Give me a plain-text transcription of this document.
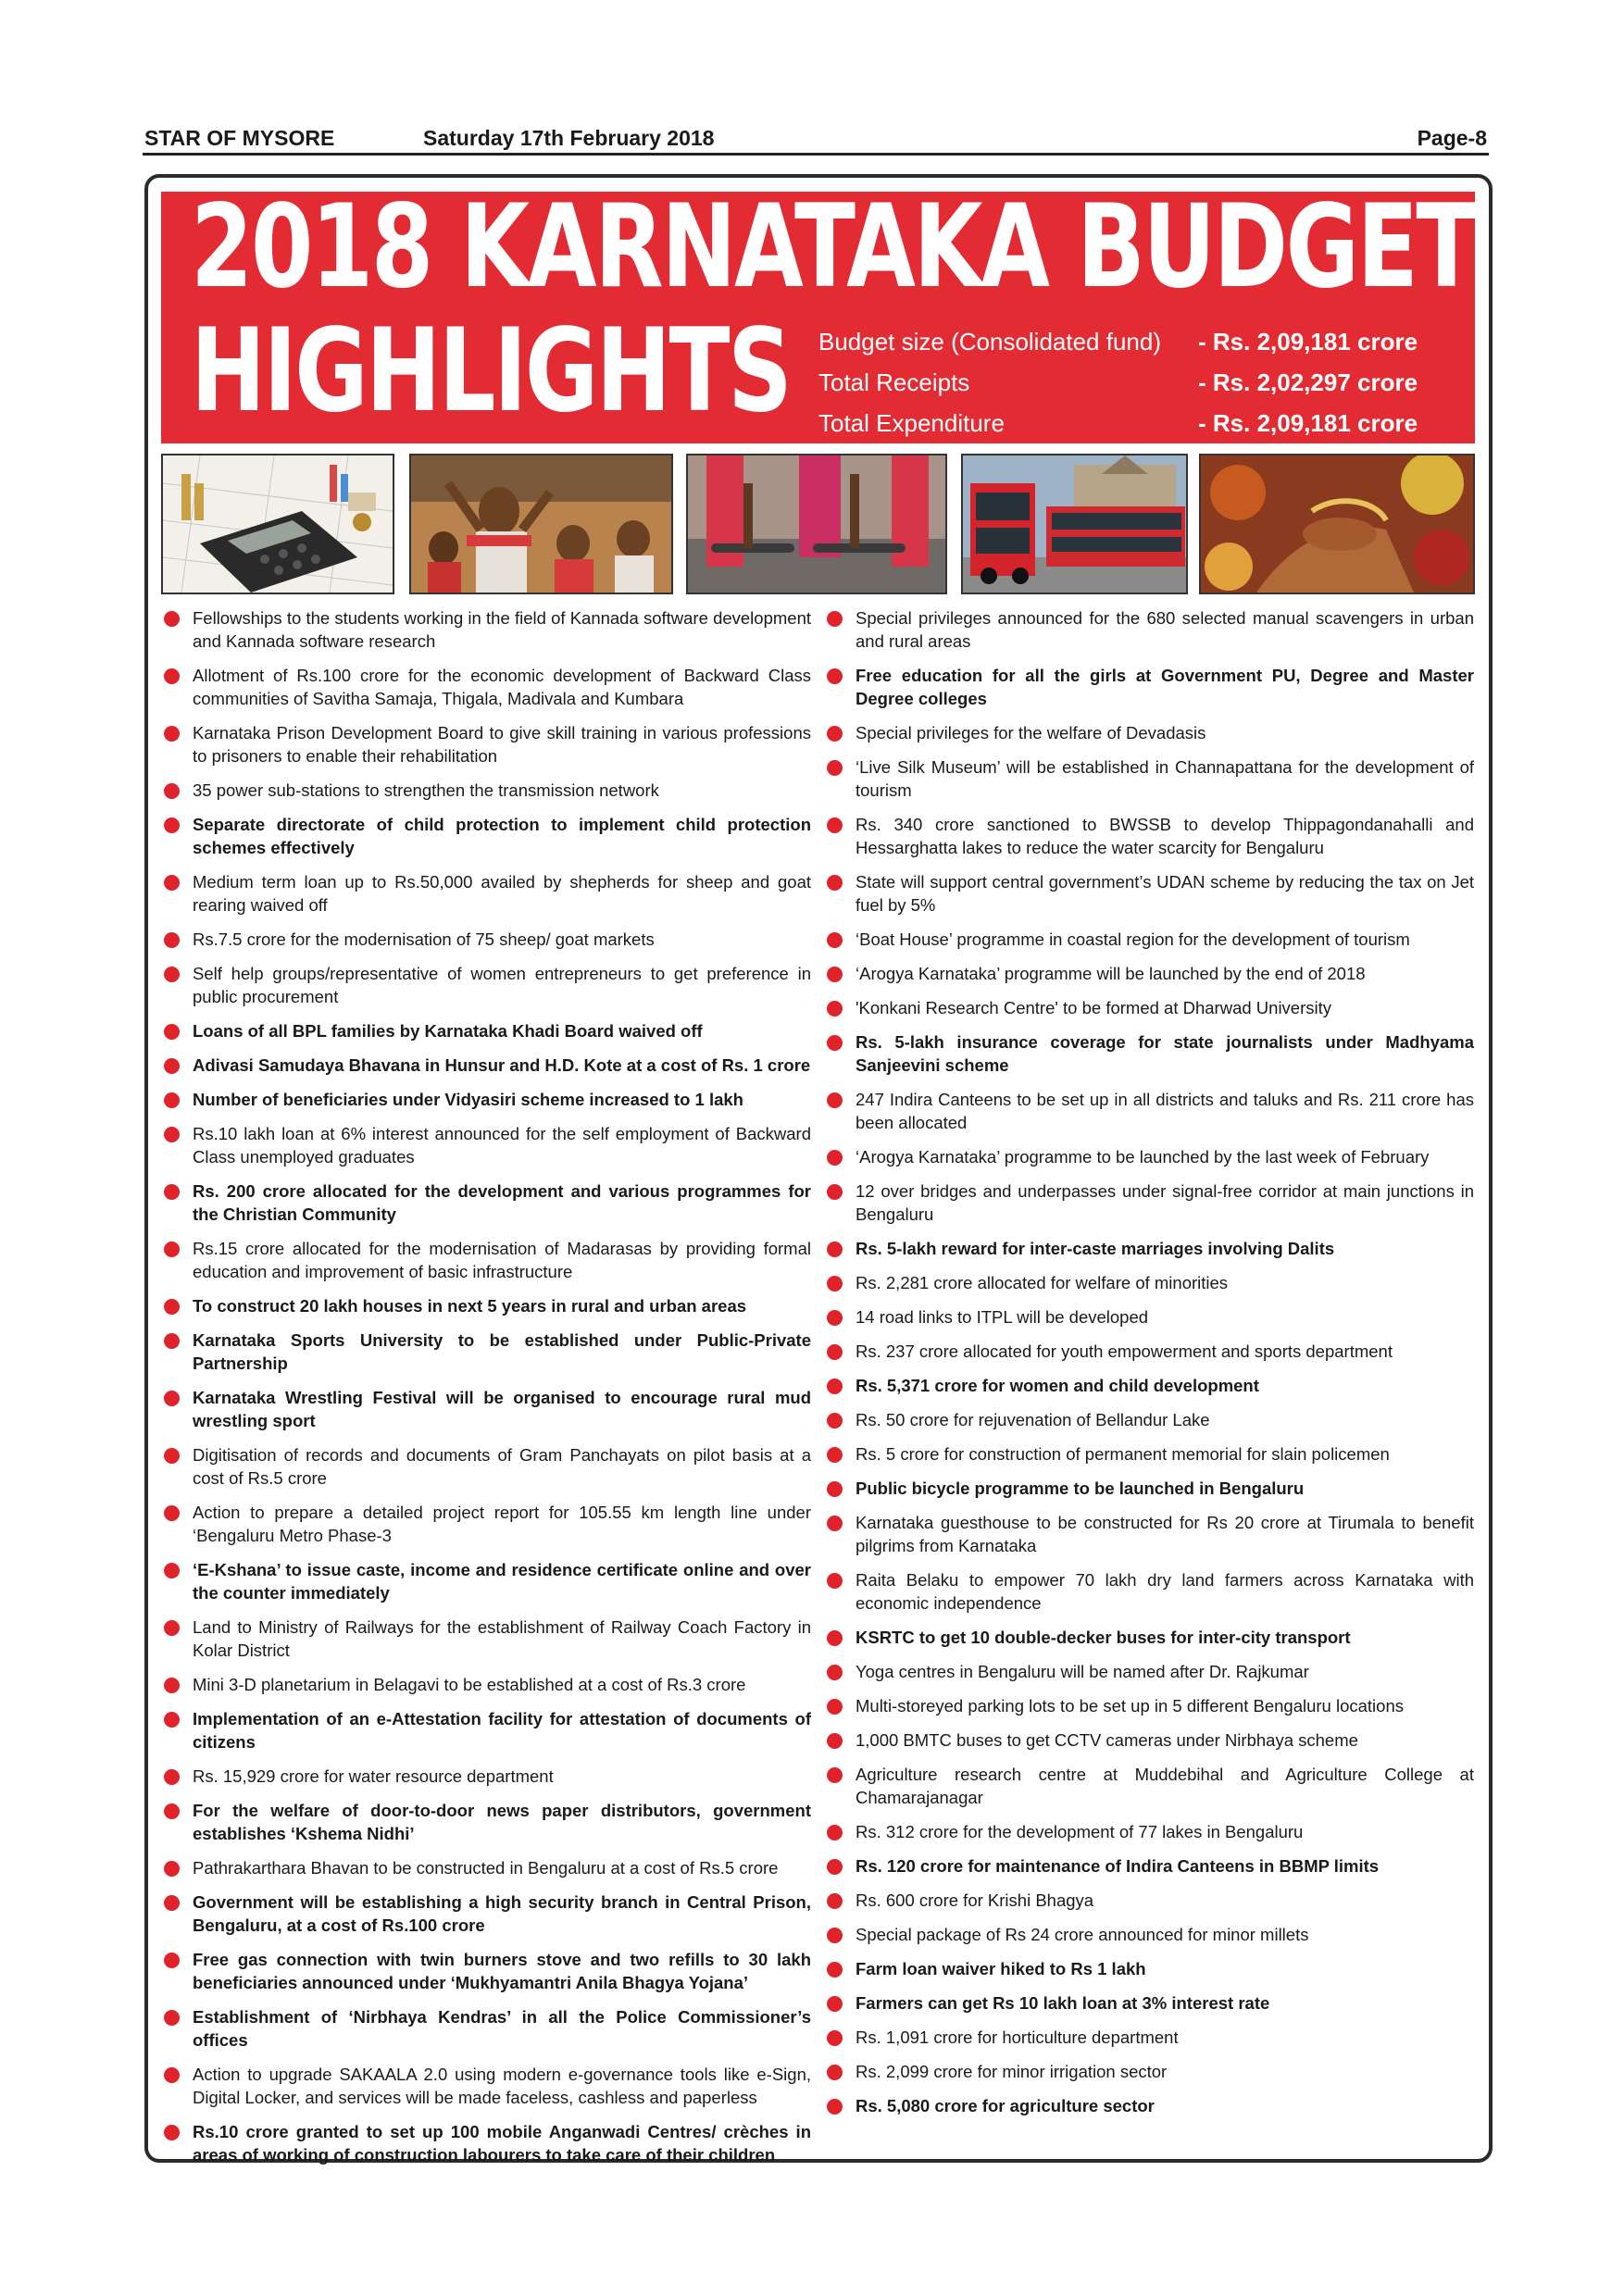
STAR OF MYSORE	Saturday 17th February 2018	Page-8
2018 KARNATAKA BUDGET
HIGHLIGHTS Budget size (Consolidated fund) - Rs. 2,09,181 crore
Total Receipts	- Rs. 2,02,297 crore
Total Expenditure	- Rs. 2,09,181 crore
Fellowships to the students working in the field of Kannada software development and Kannada software research
Allotment of Rs.100 crore for the economic development of Backward Class communities of Savitha Samaja, Thigala, Madivala and Kumbara
Karnataka Prison Development Board to give skill training in various professions to prisoners to enable their rehabilitation
35 power sub-stations to strengthen the transmission network
Separate directorate of child protection to implement child protection schemes effectively
Medium term loan up to Rs.50,000 availed by shepherds for sheep and goat rearing waived off
Rs.7.5 crore for the modernisation of 75 sheep/ goat markets
Self help groups/representative of women entrepreneurs to get preference in public procurement
Loans of all BPL families by Karnataka Khadi Board waived off
Adivasi Samudaya Bhavana in Hunsur and H.D. Kote at a cost of Rs. 1 crore
Number of beneficiaries under Vidyasiri scheme increased to 1 lakh
Rs.10 lakh loan at 6% interest announced for the self employment of Backward Class unemployed graduates
Rs. 200 crore allocated for the development and various programmes for the Christian Community
Rs.15 crore allocated for the modernisation of Madarasas by providing formal education and improvement of basic infrastructure
To construct 20 lakh houses in next 5 years in rural and urban areas
Karnataka Sports University to be established under Public-Private Partnership
Karnataka Wrestling Festival will be organised to encourage rural mud wrestling sport
Digitisation of records and documents of Gram Panchayats on pilot basis at a cost of Rs.5 crore
Action to prepare a detailed project report for 105.55 km length line under ‘Bengaluru Metro Phase-3
‘E-Kshana’ to issue caste, income and residence certificate online and over the counter immediately
Land to Ministry of Railways for the establishment of Railway Coach Factory in Kolar District
Mini 3-D planetarium in Belagavi to be established at a cost of Rs.3 crore
Implementation of an e-Attestation facility for attestation of documents of citizens
Rs. 15,929 crore for water resource department
For the welfare of door-to-door news paper distributors, government establishes ‘Kshema Nidhi’
Pathrakarthara Bhavan to be constructed in Bengaluru at a cost of Rs.5 crore
Government will be establishing a high security branch in Central Prison, Bengaluru, at a cost of Rs.100 crore
Free gas connection with twin burners stove and two refills to 30 lakh beneficiaries announced under ‘Mukhyamantri Anila Bhagya Yojana’
Establishment of ‘Nirbhaya Kendras’ in all the Police Commissioner’s offices
Action to upgrade SAKAALA 2.0 using modern e-governance tools like e-Sign, Digital Locker, and services will be made faceless, cashless and paperless
Rs.10 crore granted to set up 100 mobile Anganwadi Centres/ crèches in areas of working of construction labourers to take care of their children
Special privileges announced for the 680 selected manual scavengers in urban and rural areas
Free education for all the girls at Government PU, Degree and Master Degree colleges
Special privileges for the welfare of Devadasis
‘Live Silk Museum’ will be established in Channapattana for the development of tourism
Rs. 340 crore sanctioned to BWSSB to develop Thippagondanahalli and Hessarghatta lakes to reduce the water scarcity for Bengaluru
State will support central government’s UDAN scheme by reducing the tax on Jet fuel by 5%
‘Boat House’ programme in coastal region for the development of tourism
‘Arogya Karnataka’ programme will be launched by the end of 2018
'Konkani Research Centre' to be formed at Dharwad University
Rs. 5-lakh insurance coverage for state journalists under Madhyama Sanjeevini scheme
247 Indira Canteens to be set up in all districts and taluks and Rs. 211 crore has been allocated
‘Arogya Karnataka’ programme to be launched by the last week of February
12 over bridges and underpasses under signal-free corridor at main junctions in Bengaluru
Rs. 5-lakh reward for inter-caste marriages involving Dalits
Rs. 2,281 crore allocated for welfare of minorities
14 road links to ITPL will be developed
Rs. 237 crore allocated for youth empowerment and sports department
Rs. 5,371 crore for women and child development
Rs. 50 crore for rejuvenation of Bellandur Lake
Rs. 5 crore for construction of permanent memorial for slain policemen
Public bicycle programme to be launched in Bengaluru
Karnataka guesthouse to be constructed for Rs 20 crore at Tirumala to benefit pilgrims from Karnataka
Raita Belaku to empower 70 lakh dry land farmers across Karnataka with economic independence
KSRTC to get 10 double-decker buses for inter-city transport
Yoga centres in Bengaluru will be named after Dr. Rajkumar
Multi-storeyed parking lots to be set up in 5 different Bengaluru locations
1,000 BMTC buses to get CCTV cameras under Nirbhaya scheme
Agriculture research centre at Muddebihal and Agriculture College at Chamarajanagar
Rs. 312 crore for the development of 77 lakes in Bengaluru
Rs. 120 crore for maintenance of Indira Canteens in BBMP limits
Rs. 600 crore for Krishi Bhagya
Special package of Rs 24 crore announced for minor millets
Farm loan waiver hiked to Rs 1 lakh
Farmers can get Rs 10 lakh loan at 3% interest rate
Rs. 1,091 crore for horticulture department
Rs. 2,099 crore for minor irrigation sector
Rs. 5,080 crore for agriculture sector
